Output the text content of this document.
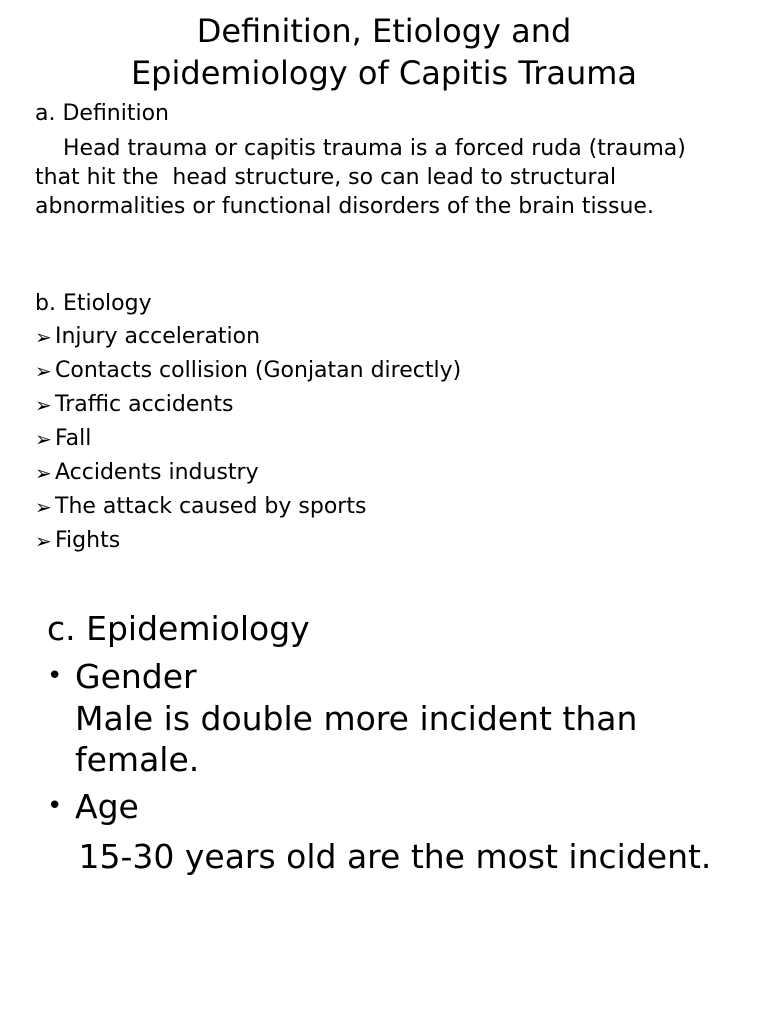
Definition, Etiology and
Epidemiology of Capitis Trauma
a. Definition
Head trauma or capitis trauma is a forced ruda (trauma) that hit the  head structure, so can lead to structural abnormalities or functional disorders of the brain tissue.
b. Etiology
➢ Injury acceleration
➢ Contacts collision (Gonjatan directly)
➢ Traffic accidents
➢ Fall
➢ Accidents industry
➢ The attack caused by sports
➢ Fights
c. Epidemiology
• Gender
Male is double more incident than female.
• Age
15-30 years old are the most incident.
